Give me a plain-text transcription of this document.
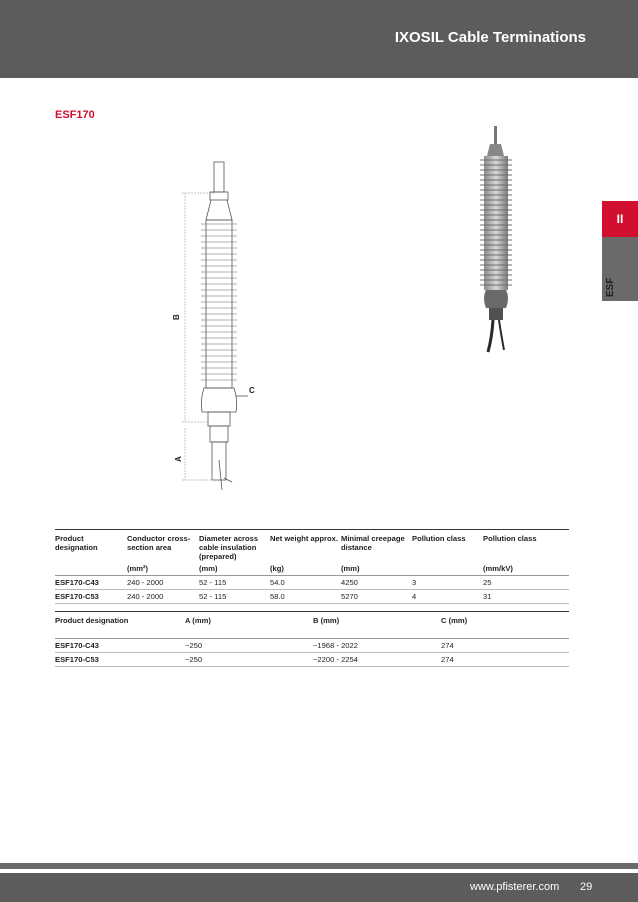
IXOSIL Cable Terminations
ESF170
II
ESF
B
C
A
Product designation	Conductor cross-section area	Diameter across cable insulation (prepared)	Net weight approx.	Minimal creepage distance	Pollution class	Pollution class
	(mm²)	(mm)	(kg)	(mm)		(mm/kV)
ESF170-C43	240 - 2000	52 - 115	54.0	4250	3	25
ESF170-C53	240 - 2000	52 - 115	58.0	5270	4	31
Product designation	A (mm)	B (mm)	C (mm)
ESF170-C43	~250	~1968 - 2022	274
ESF170-C53	~250	~2200 - 2254	274
www.pfisterer.com 29
